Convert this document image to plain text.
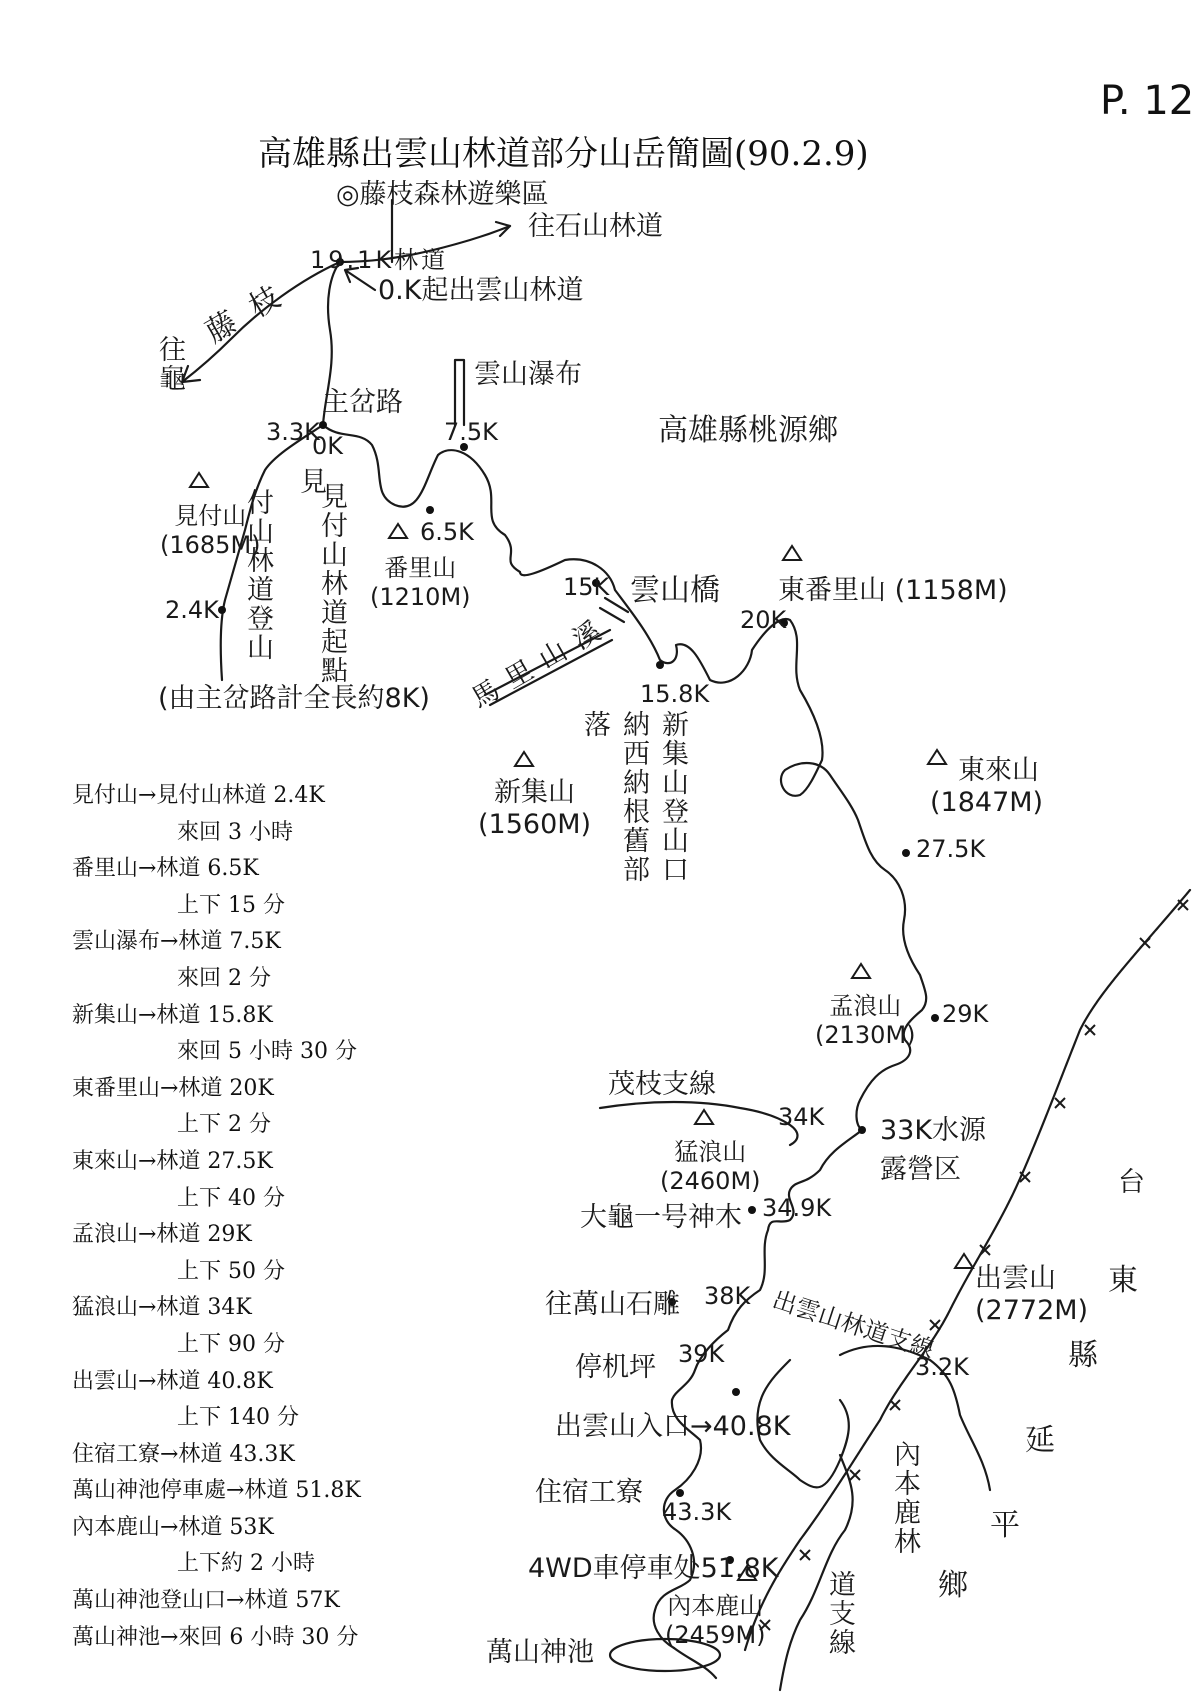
P. 12
高雄縣出雲山林道部分山岳簡圖(90.2.9)
◎藤枝森林遊樂區
高雄縣桃源鄉
台
東
縣
延
平
鄉
藤枝
往龜
19.1K林道
往石山林道
0.K起出雲山林道
主岔路
0K
見
見付山林道起點
付山林道登山
(由主岔路計全長約8K) 馬里山溪
雲山橋
茂枝支線
出雲山林道支線
內本鹿林
道支線
3.3K
2.4K
6.5K
7.5K
15K
15.8K
20K
27.5K
29K
33K水源露營区
34K
34.9K
38K
39K
出雲山入口→40.8K
43.3K
4WD車停車处51.8K
3.2K
雲山瀑布
新集山登山口納西納根舊部落
大龜一号神木
往萬山石雕
停机坪
住宿工寮
萬山神池
見付山
(1685M)
番里山
(1210M)	東番里山 (1158M)
新集山
(1560M)
東來山
(1847M)
孟浪山
(2130M)
猛浪山
(2460M)
出雲山
(2772M)
內本鹿山
(2459M)
見付山→見付山林道 2.4K
來回 3 小時
番里山→林道 6.5K
上下 15 分
雲山瀑布→林道 7.5K
來回 2 分
新集山→林道 15.8K
來回 5 小時 30 分
東番里山→林道 20K
上下 2 分
東來山→林道 27.5K
上下 40 分
孟浪山→林道 29K
上下 50 分
猛浪山→林道 34K
上下 90 分
出雲山→林道 40.8K
上下 140 分
住宿工寮→林道 43.3K
萬山神池停車處→林道 51.8K
內本鹿山→林道 53K
上下約 2 小時
萬山神池登山口→林道 57K
萬山神池→來回 6 小時 30 分
